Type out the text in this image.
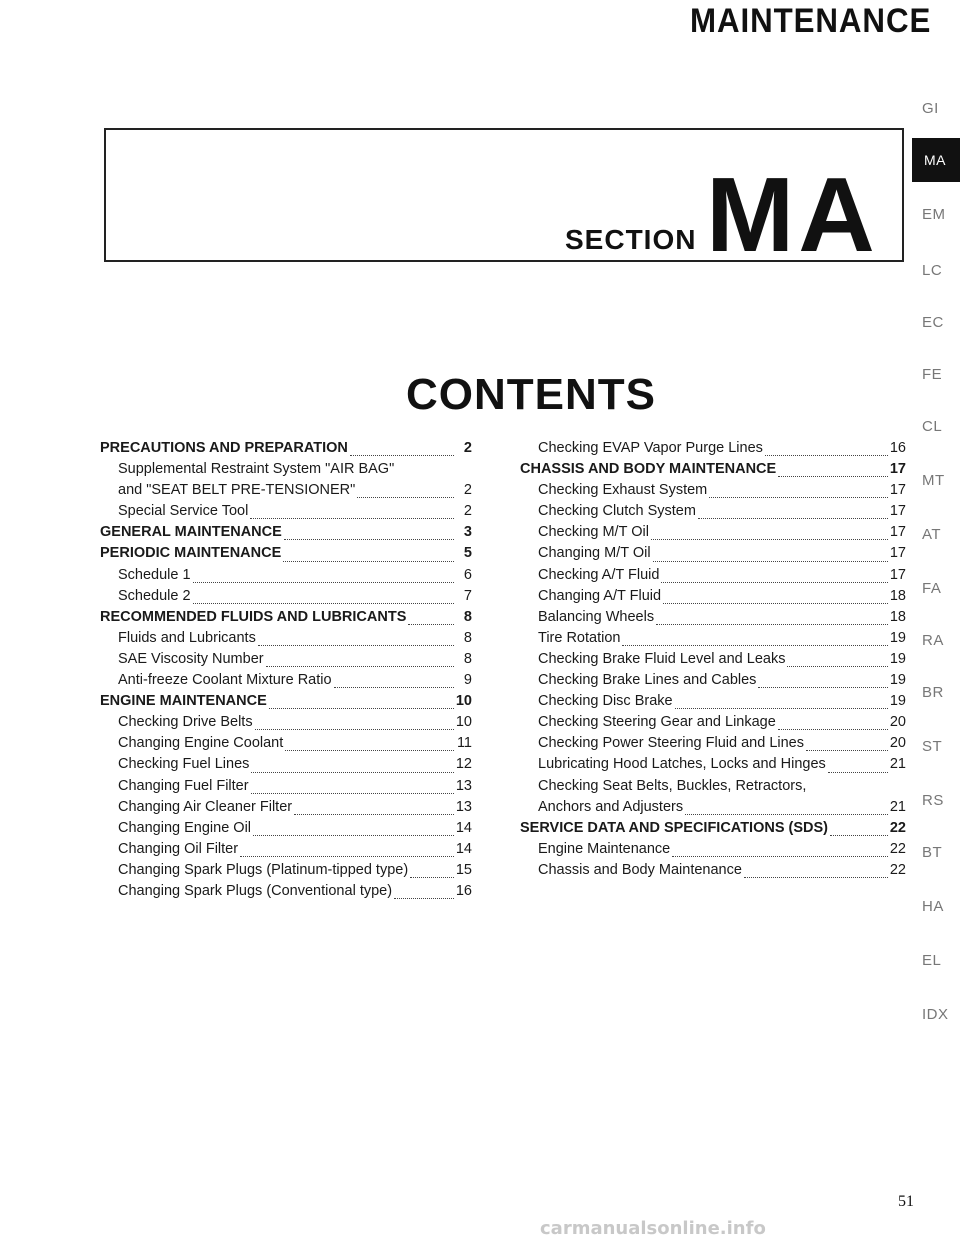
MAINTENANCE
SECTION MA
CONTENTS
PRECAUTIONS AND PREPARATION	2
Supplemental Restraint System "AIR BAG"
and "SEAT BELT PRE-TENSIONER"	2
Special Service Tool	2
GENERAL MAINTENANCE	3
PERIODIC MAINTENANCE	5
Schedule 1	6
Schedule 2	7
RECOMMENDED FLUIDS AND LUBRICANTS	8
Fluids and Lubricants	8
SAE Viscosity Number	8
Anti-freeze Coolant Mixture Ratio	9
ENGINE MAINTENANCE	10
Checking Drive Belts	10
Changing Engine Coolant	11
Checking Fuel Lines	12
Changing Fuel Filter	13
Changing Air Cleaner Filter	13
Changing Engine Oil	14
Changing Oil Filter	14
Changing Spark Plugs (Platinum-tipped type)	15
Changing Spark Plugs (Conventional type)	16
Checking EVAP Vapor Purge Lines	16
CHASSIS AND BODY MAINTENANCE	17
Checking Exhaust System	17
Checking Clutch System	17
Checking M/T Oil	17
Changing M/T Oil	17
Checking A/T Fluid	17
Changing A/T Fluid	18
Balancing Wheels	18
Tire Rotation	19
Checking Brake Fluid Level and Leaks	19
Checking Brake Lines and Cables	19
Checking Disc Brake	19
Checking Steering Gear and Linkage	20
Checking Power Steering Fluid and Lines	20
Lubricating Hood Latches, Locks and Hinges	21
Checking Seat Belts, Buckles, Retractors,
Anchors and Adjusters	21
SERVICE DATA AND SPECIFICATIONS (SDS)	22
Engine Maintenance	22
Chassis and Body Maintenance	22
GI
MA
EM
LC
EC
FE
CL
MT
AT
FA
RA
BR
ST
RS
BT
HA
EL
IDX
51
carmanualsonline.info
